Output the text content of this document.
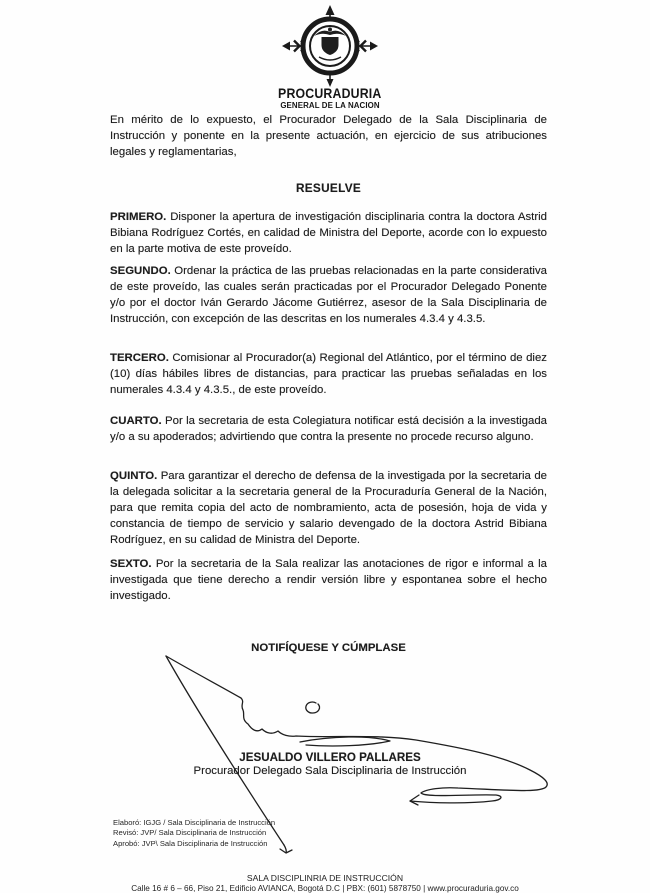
PROCURADURIA
GENERAL DE LA NACION

En mérito de lo expuesto, el Procurador Delegado de la Sala Disciplinaria de Instrucción y ponente en la presente actuación, en ejercicio de sus atribuciones legales y reglamentarias,

RESUELVE

PRIMERO. Disponer la apertura de investigación disciplinaria contra la doctora Astrid Bibiana Rodríguez Cortés, en calidad de Ministra del Deporte, acorde con lo expuesto en la parte motiva de este proveído.

SEGUNDO. Ordenar la práctica de las pruebas relacionadas en la parte considerativa de este proveído, las cuales serán practicadas por el Procurador Delegado Ponente y/o por el doctor Iván Gerardo Jácome Gutiérrez, asesor de la Sala Disciplinaria de Instrucción, con excepción de las descritas en los numerales 4.3.4 y 4.3.5.

TERCERO. Comisionar al Procurador(a) Regional del Atlántico, por el término de diez (10) días hábiles libres de distancias, para practicar las pruebas señaladas en los numerales 4.3.4 y 4.3.5., de este proveído.

CUARTO. Por la secretaria de esta Colegiatura notificar está decisión a la investigada y/o a su apoderados; advirtiendo que contra la presente no procede recurso alguno.

QUINTO. Para garantizar el derecho de defensa de la investigada por la secretaria de la delegada solicitar a la secretaria general de la Procuraduría General de la Nación, para que remita copia del acto de nombramiento, acta de posesión, hoja de vida y constancia de tiempo de servicio y salario devengado de la doctora Astrid Bibiana Rodríguez, en su calidad de Ministra del Deporte.

SEXTO. Por la secretaria de la Sala realizar las anotaciones de rigor e informal a la investigada que tiene derecho a rendir versión libre y espontanea sobre el hecho investigado.

NOTIFÍQUESE Y CÚMPLASE

JESUALDO VILLERO PALLARES
Procurador Delegado Sala Disciplinaria de Instrucción
Elaboró: IGJG / Sala Disciplinaria de Instrucción
Revisó: JVP/ Sala Disciplinaria de Instrucción
Aprobó: JVP\ Sala Disciplinaria de Instrucción
SALA DISCIPLINRIA DE INSTRUCCIÓN
Calle 16 # 6 – 66, Piso 21, Edificio AVIANCA, Bogotá D.C | PBX: (601) 5878750 | www.procuraduria.gov.co
